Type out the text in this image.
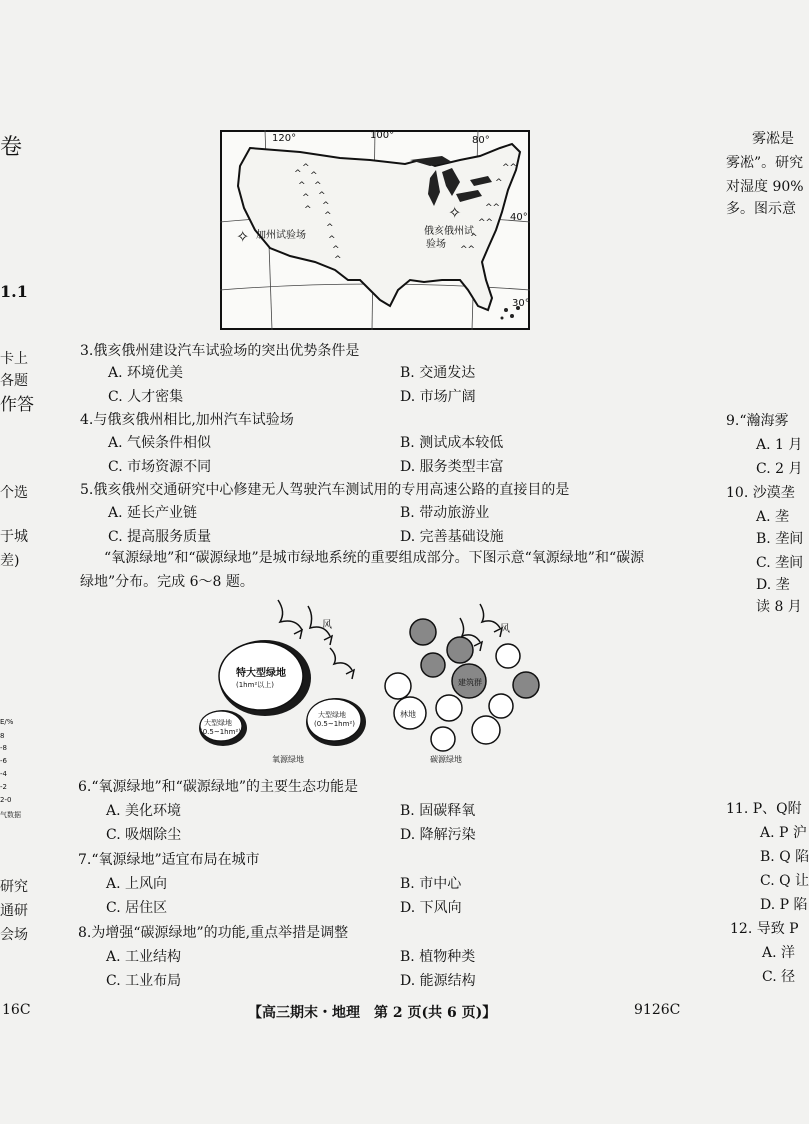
^^
^^
^
^^
^
^^
^
^
^
^
^
^
^
^
^
^
^
^
^
^
✧
✧
120°	100°	80°
40°
30°
加州试验场	俄亥俄州试
验场
3.俄亥俄州建设汽车试验场的突出优势条件是
A. 环境优美	B. 交通发达
C. 人才密集	D. 市场广阔
4.与俄亥俄州相比,加州汽车试验场
A. 气候条件相似	B. 测试成本较低
C. 市场资源不同	D. 服务类型丰富
5.俄亥俄州交通研究中心修建无人驾驶汽车测试用的专用高速公路的直接目的是
A. 延长产业链	B. 带动旅游业
C. 提高服务质量	D. 完善基础设施
“氧源绿地”和“碳源绿地”是城市绿地系统的重要组成部分。下图示意“氧源绿地”和“碳源
绿地”分布。完成 6～8 题。
风	风
特大型绿地
(1hm²以上)
大型绿地
(0.5~1hm²)
大型绿地
(0.5~1hm²)
建筑群
林地
氧源绿地	碳源绿地
6.“氧源绿地”和“碳源绿地”的主要生态功能是
A. 美化环境	B. 固碳释氧
C. 吸烟除尘	D. 降解污染
7.“氧源绿地”适宜布局在城市
A. 上风向	B. 市中心
C. 居住区	D. 下风向
8.为增强“碳源绿地”的功能,重点举措是调整
A. 工业结构	B. 植物种类
C. 工业布局	D. 能源结构
16C	【高三期末・地理　第 2 页(共 6 页)】	9126C
卷
1.1
卡上
各题
作答
个选
于城
差)
E/%
8
-8
-6
-4
-2
2-0
气数据
研究
通研
会场
雾凇是
雾凇”。研究
对湿度 90%
多。图示意
9.“瀚海雾
A. 1 月
C. 2 月
10. 沙漠垄
A. 垄
B. 垄间
C. 垄间
D. 垄
读 8 月
11. P、Q附
A. P 沪
B. Q 陷
C. Q 让
D. P 陷
12. 导致 P
A. 洋
C. 径
